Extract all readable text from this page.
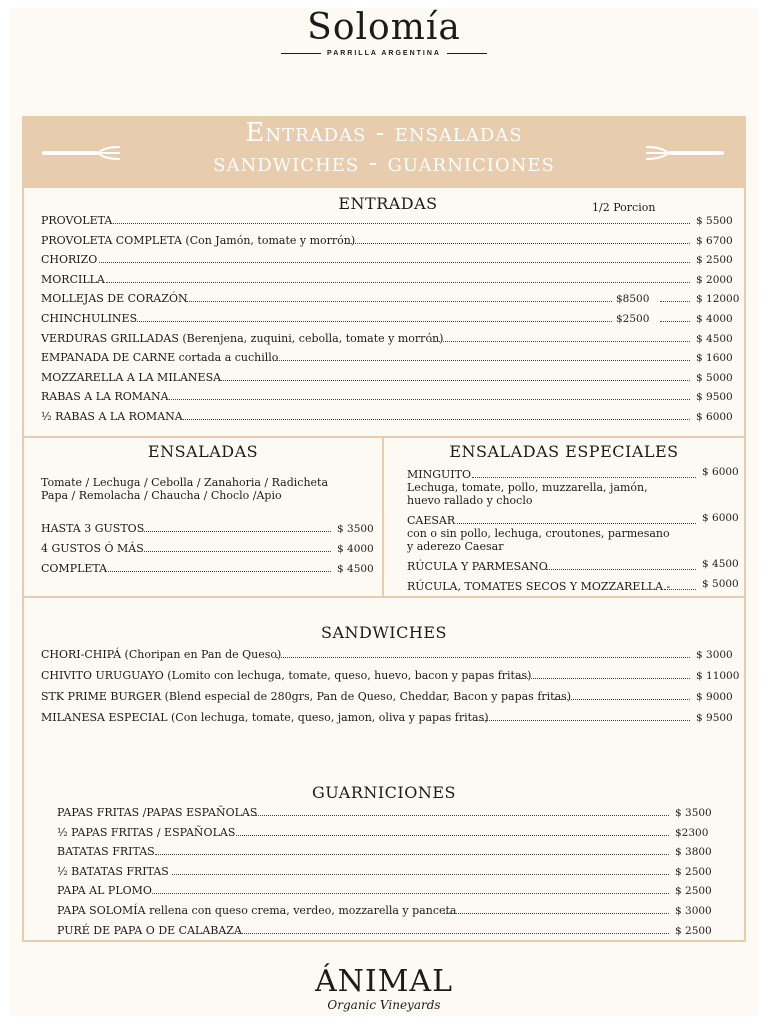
Solomía
PARRILLA ARGENTINA
Entradas - ensaladas
sandwiches - guarniciones
ENTRADAS	1/2 Porcion
PROVOLETA	$ 5500
PROVOLETA COMPLETA (Con Jamón, tomate y morrón)	$ 6700
CHORIZO	$ 2500
MORCILLA	$ 2000
MOLLEJAS DE CORAZÓN	$8500	$ 12000
CHINCHULINES	$2500	$ 4000
VERDURAS GRILLADAS (Berenjena, zuquini, cebolla, tomate y morrón)	$ 4500
EMPANADA DE CARNE cortada a cuchillo	$ 1600
MOZZARELLA A LA MILANESA	$ 5000
RABAS A LA ROMANA	$ 9500
½ RABAS A LA ROMANA	$ 6000
ENSALADAS
Tomate / Lechuga / Cebolla / Zanahoria / Radicheta
Papa / Remolacha / Chaucha / Choclo /Apio
HASTA 3 GUSTOS	$ 3500
4 GUSTOS Ó MÁS	$ 4000
COMPLETA	$ 4500
ENSALADAS ESPECIALES
MINGUITO	$ 6000
Lechuga, tomate, pollo, muzzarella, jamón,
huevo rallado y choclo
CAESAR	$ 6000
con o sin pollo, lechuga, croutones, parmesano
y aderezo Caesar
RÚCULA Y PARMESANO	$ 4500
RÚCULA, TOMATES SECOS Y MOZZARELLA -	$ 5000
SANDWICHES
CHORI-CHIPÁ (Choripan en Pan de Queso)	$ 3000
CHIVITO URUGUAYO (Lomito con lechuga, tomate, queso, huevo, bacon y papas fritas)	$ 11000
STK PRIME BURGER (Blend especial de 280grs, Pan de Queso, Cheddar, Bacon y papas fritas)	$ 9000
MILANESA ESPECIAL (Con lechuga, tomate, queso, jamon, oliva y papas fritas)	$ 9500
GUARNICIONES
PAPAS FRITAS /PAPAS ESPAÑOLAS	$ 3500
½ PAPAS FRITAS / ESPAÑOLAS	$2300
BATATAS FRITAS	$ 3800
½ BATATAS FRITAS	$ 2500
PAPA AL PLOMO	$ 2500
PAPA SOLOMÍA rellena con queso crema, verdeo, mozzarella y panceta	$ 3000
PURÉ DE PAPA O DE CALABAZA	$ 2500
ÁNIMAL
Organic Vineyards
